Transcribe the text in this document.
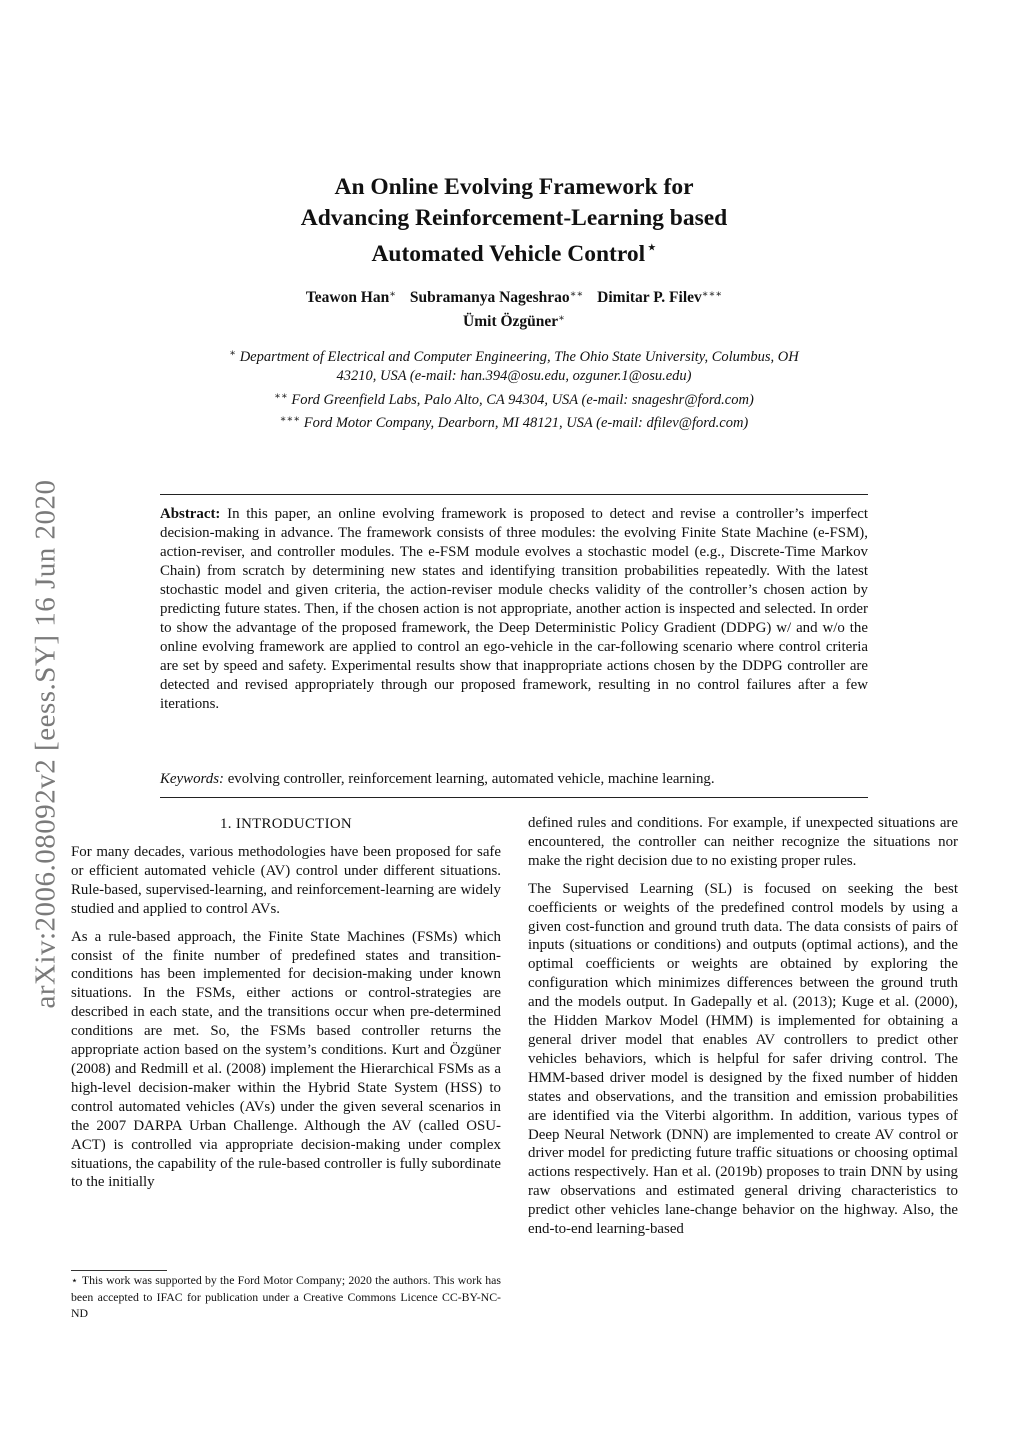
arXiv:2006.08092v2 [eess.SY] 16 Jun 2020
An Online Evolving Framework for
Advancing Reinforcement-Learning based
Automated Vehicle Control ⋆
Teawon Han∗ Subramanya Nageshrao∗∗ Dimitar P. Filev∗∗∗
Ümit Özgüner∗

∗ Department of Electrical and Computer Engineering, The Ohio State University, Columbus, OH 43210, USA (e-mail: han.394@osu.edu, ozguner.1@osu.edu)

∗∗ Ford Greenfield Labs, Palo Alto, CA 94304, USA (e-mail: snageshr@ford.com)

∗∗∗ Ford Motor Company, Dearborn, MI 48121, USA (e-mail: dfilev@ford.com)

Abstract: In this paper, an online evolving framework is proposed to detect and revise a controller’s imperfect decision-making in advance. The framework consists of three modules: the evolving Finite State Machine (e-FSM), action-reviser, and controller modules. The e-FSM module evolves a stochastic model (e.g., Discrete-Time Markov Chain) from scratch by determining new states and identifying transition probabilities repeatedly. With the latest stochastic model and given criteria, the action-reviser module checks validity of the controller’s chosen action by predicting future states. Then, if the chosen action is not appropriate, another action is inspected and selected. In order to show the advantage of the proposed framework, the Deep Deterministic Policy Gradient (DDPG) w/ and w/o the online evolving framework are applied to control an ego-vehicle in the car-following scenario where control criteria are set by speed and safety. Experimental results show that inappropriate actions chosen by the DDPG controller are detected and revised appropriately through our proposed framework, resulting in no control failures after a few iterations.

Keywords: evolving controller, reinforcement learning, automated vehicle, machine learning.

1. INTRODUCTION

For many decades, various methodologies have been proposed for safe or efficient automated vehicle (AV) control under different situations. Rule-based, supervised-learning, and reinforcement-learning are widely studied and applied to control AVs.

As a rule-based approach, the Finite State Machines (FSMs) which consist of the finite number of predefined states and transition-conditions has been implemented for decision-making under known situations. In the FSMs, either actions or control-strategies are described in each state, and the transitions occur when pre-determined conditions are met. So, the FSMs based controller returns the appropriate action based on the system’s conditions. Kurt and Özgüner (2008) and Redmill et al. (2008) implement the Hierarchical FSMs as a high-level decision-maker within the Hybrid State System (HSS) to control automated vehicles (AVs) under the given several scenarios in the 2007 DARPA Urban Challenge. Although the AV (called OSU-ACT) is controlled via appropriate decision-making under complex situations, the capability of the rule-based controller is fully subordinate to the initially

defined rules and conditions. For example, if unexpected situations are encountered, the controller can neither recognize the situations nor make the right decision due to no existing proper rules.

The Supervised Learning (SL) is focused on seeking the best coefficients or weights of the predefined control models by using a given cost-function and ground truth data. The data consists of pairs of inputs (situations or conditions) and outputs (optimal actions), and the optimal coefficients or weights are obtained by exploring the configuration which minimizes differences between the ground truth and the models output. In Gadepally et al. (2013); Kuge et al. (2000), the Hidden Markov Model (HMM) is implemented for obtaining a general driver model that enables AV controllers to predict other vehicles behaviors, which is helpful for safer driving control. The HMM-based driver model is designed by the fixed number of hidden states and observations, and the transition and emission probabilities are identified via the Viterbi algorithm. In addition, various types of Deep Neural Network (DNN) are implemented to create AV control or driver model for predicting future traffic situations or choosing optimal actions respectively. Han et al. (2019b) proposes to train DNN by using raw observations and estimated general driving characteristics to predict other vehicles lane-change behavior on the highway. Also, the end-to-end learning-based

⋆ This work was supported by the Ford Motor Company; 2020 the authors. This work has been accepted to IFAC for publication under a Creative Commons Licence CC-BY-NC-ND
